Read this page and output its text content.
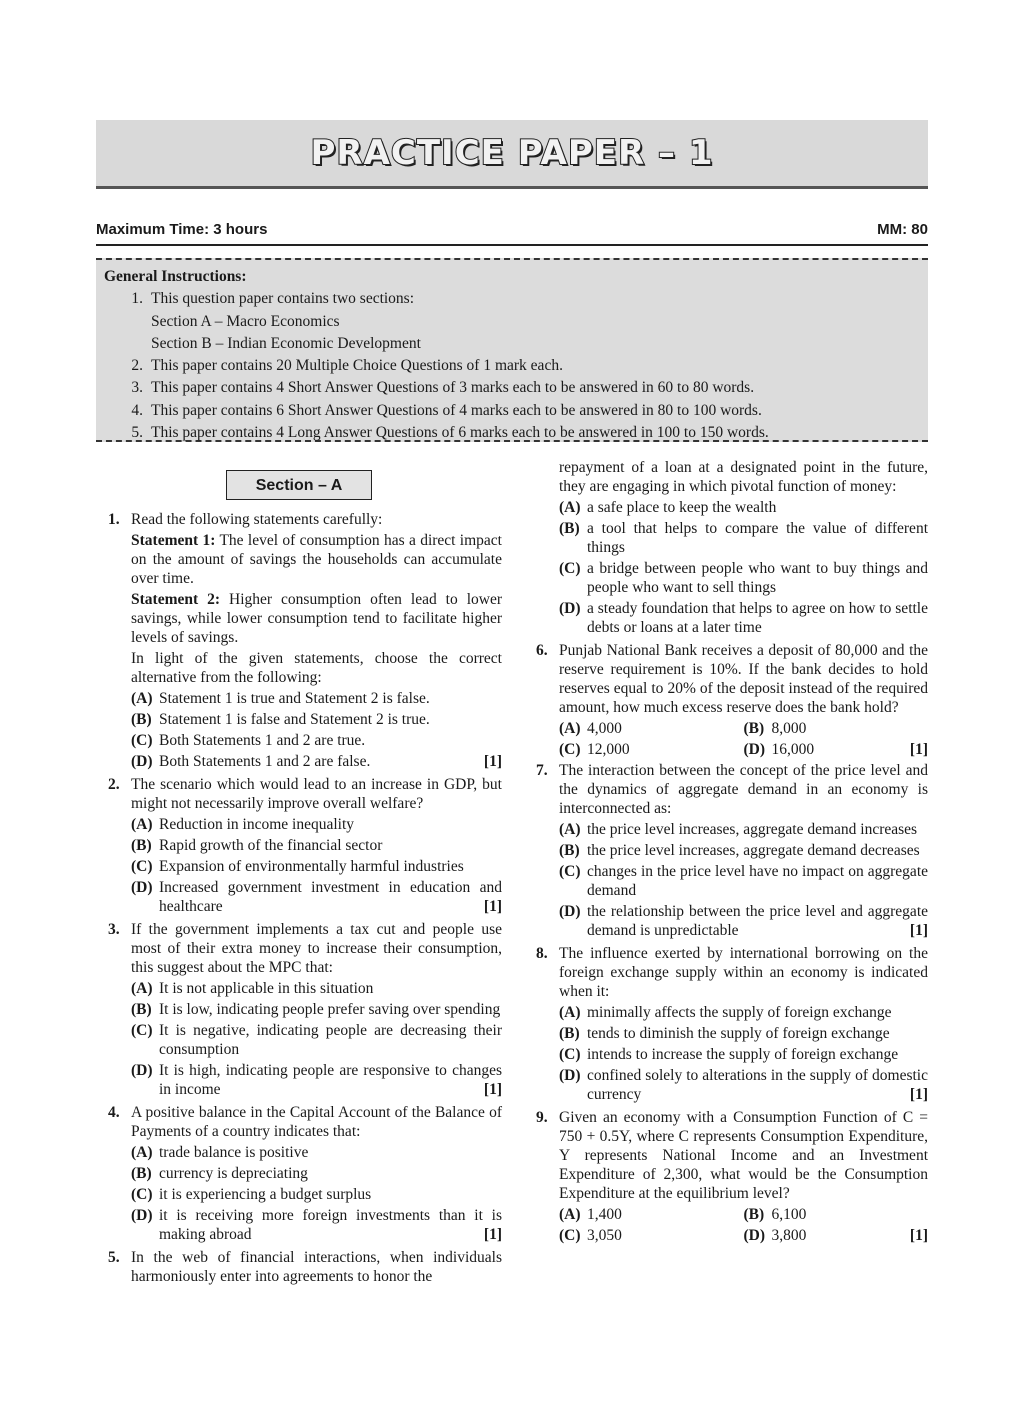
PRACTICE PAPER – 1
Maximum Time: 3 hours	MM: 80
General Instructions:
1. This question paper contains two sections:
Section A – Macro Economics
Section B – Indian Economic Development
2. This paper contains 20 Multiple Choice Questions of 1 mark each.
3. This paper contains 4 Short Answer Questions of 3 marks each to be answered in 60 to 80 words.
4. This paper contains 6 Short Answer Questions of 4 marks each to be answered in 80 to 100 words.
5. This paper contains 4 Long Answer Questions of 6 marks each to be answered in 100 to 150 words.
Section – A
1. Read the following statements carefully:
Statement 1: The level of consumption has a direct impact on the amount of savings the households can accumulate over time.
Statement 2: Higher consumption often lead to lower savings, while lower consumption tend to facilitate higher levels of savings.
In light of the given statements, choose the correct alternative from the following:
(A) Statement 1 is true and Statement 2 is false.
(B) Statement 1 is false and Statement 2 is true.
(C) Both Statements 1 and 2 are true.
(D) Both Statements 1 and 2 are false.	[1]
2. The scenario which would lead to an increase in GDP, but might not necessarily improve overall welfare?
(A) Reduction in income inequality
(B) Rapid growth of the financial sector
(C) Expansion of environmentally harmful industries
(D) Increased government investment in education and healthcare	[1]
3. If the government implements a tax cut and people use most of their extra money to increase their consumption, this suggest about the MPC that:
(A) It is not applicable in this situation
(B) It is low, indicating people prefer saving over spending
(C) It is negative, indicating people are decreasing their consumption
(D) It is high, indicating people are responsive to changes in income	[1]
4. A positive balance in the Capital Account of the Balance of Payments of a country indicates that:
(A) trade balance is positive
(B) currency is depreciating
(C) it is experiencing a budget surplus
(D) it is receiving more foreign investments than it is making abroad	[1]
5. In the web of financial interactions, when individuals harmoniously enter into agreements to honor the
repayment of a loan at a designated point in the future, they are engaging in which pivotal function of money:
(A) a safe place to keep the wealth
(B) a tool that helps to compare the value of different things
(C) a bridge between people who want to buy things and people who want to sell things
(D) a steady foundation that helps to agree on how to settle debts or loans at a later time
6. Punjab National Bank receives a deposit of 80,000 and the reserve requirement is 10%. If the bank decides to hold reserves equal to 20% of the deposit instead of the required amount, how much excess reserve does the bank hold?
(A) 4,000	(B) 8,000
(C) 12,000	(D) 16,000	[1]
7. The interaction between the concept of the price level and the dynamics of aggregate demand in an economy is interconnected as:
(A) the price level increases, aggregate demand increases
(B) the price level increases, aggregate demand decreases
(C) changes in the price level have no impact on aggregate demand
(D) the relationship between the price level and aggregate demand is unpredictable	[1]
8. The influence exerted by international borrowing on the foreign exchange supply within an economy is indicated when it:
(A) minimally affects the supply of foreign exchange
(B) tends to diminish the supply of foreign exchange
(C) intends to increase the supply of foreign exchange
(D) confined solely to alterations in the supply of domestic currency	[1]
9. Given an economy with a Consumption Function of C = 750 + 0.5Y, where C represents Consumption Expenditure, Y represents National Income and an Investment Expenditure of 2,300, what would be the Consumption Expenditure at the equilibrium level?
(A) 1,400	(B) 6,100
(C) 3,050	(D) 3,800	[1]
